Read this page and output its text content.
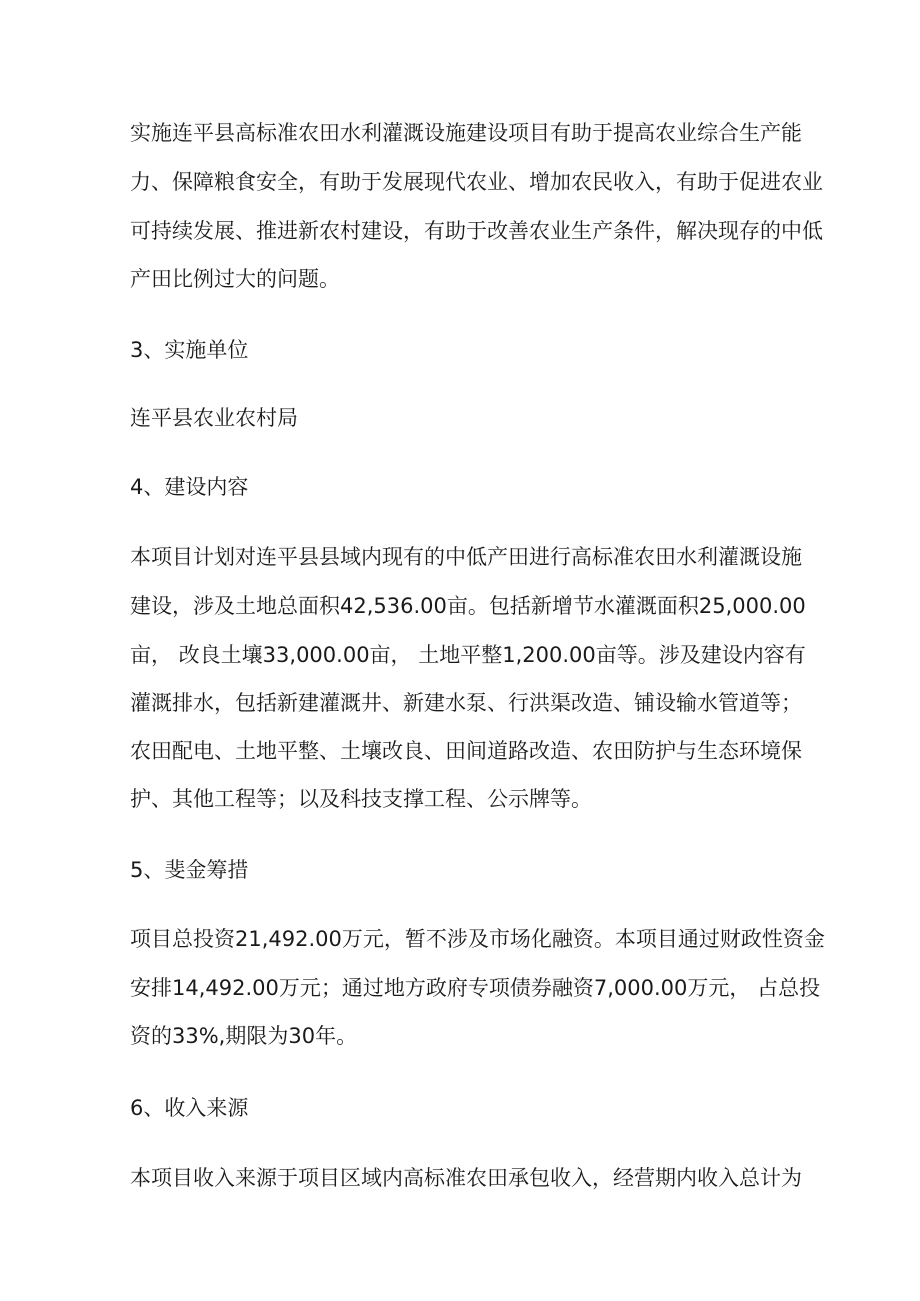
实施连平县高标准农田水利灌溉设施建设项目有助于提高农业综合生产能

力、保障粮食安全，有助于发展现代农业、增加农民收入，有助于促进农业

可持续发展、推进新农村建设，有助于改善农业生产条件，解决现存的中低

产田比例过大的问题。

3、实施单位

连平县农业农村局

4、建设内容

本项目计划对连平县县域内现有的中低产田进行高标准农田水利灌溉设施

建设，涉及土地总面积42,536.00亩。包括新增节水灌溉面积25,000.00

亩， 改良土壤33,000.00亩， 土地平整1,200.00亩等。涉及建设内容有

灌溉排水，包括新建灌溉井、新建水泵、行洪渠改造、铺设输水管道等；

农田配电、土地平整、土壤改良、田间道路改造、农田防护与生态环境保

护、其他工程等；以及科技支撑工程、公示牌等。

5、斐金筹措

项目总投资21,492.00万元，暂不涉及市场化融资。本项目通过财政性资金

安排14,492.00万元；通过地方政府专项债券融资7,000.00万元， 占总投

资的33%,期限为30年。

6、收入来源

本项目收入来源于项目区域内高标准农田承包收入，经营期内收入总计为
